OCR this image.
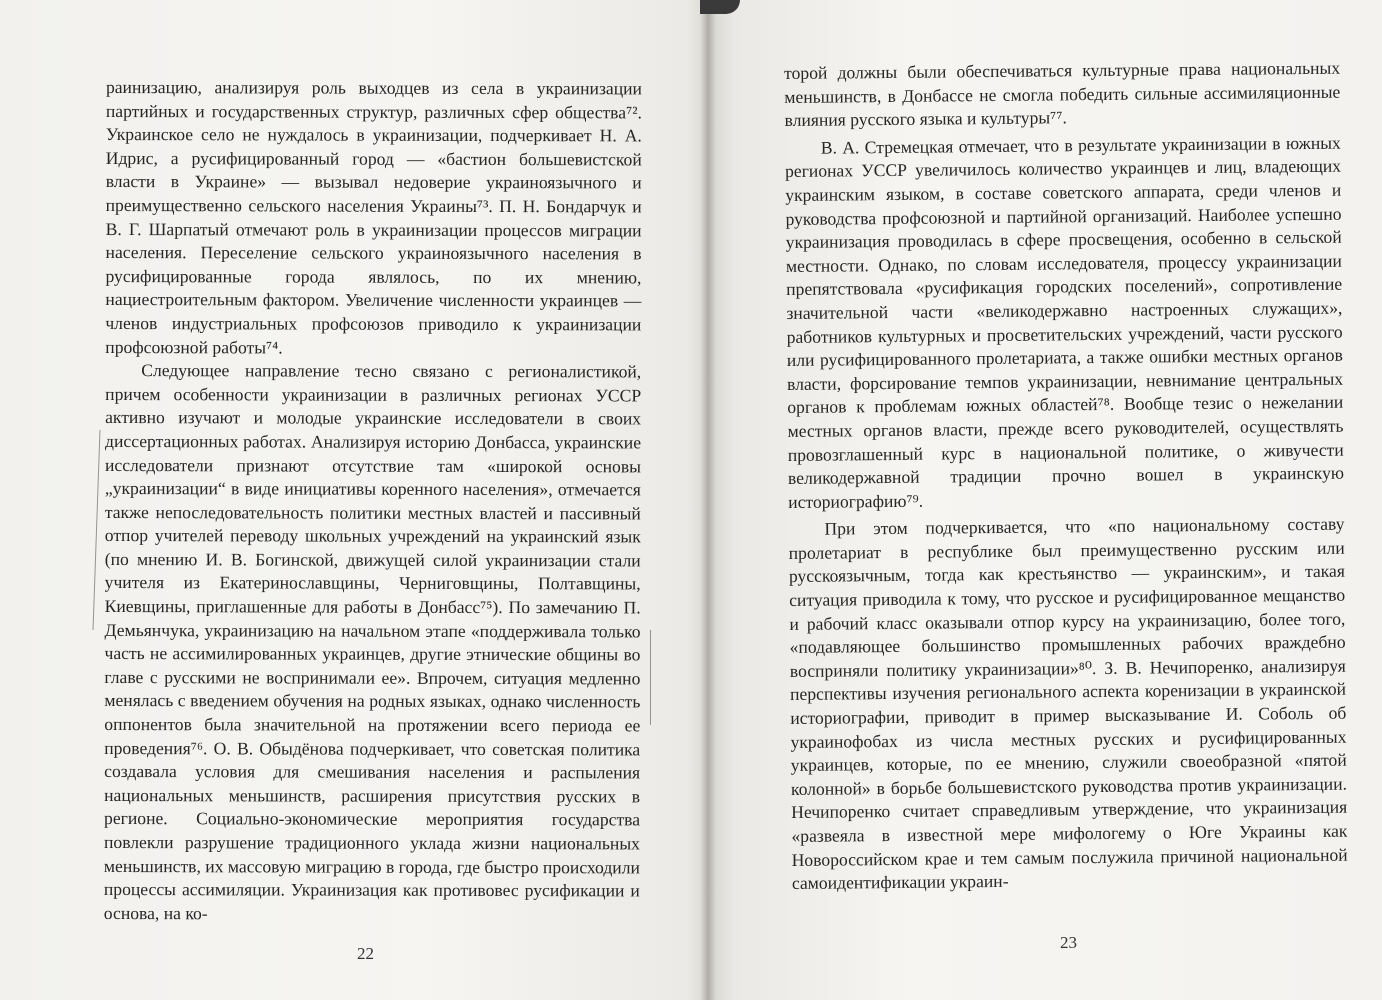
раинизацию, анализируя роль выходцев из села в украинизации партийных и государственных структур, различных сфер общества⁷². Украинское село не нуждалось в украинизации, подчеркивает Н. А. Идрис, а русифицированный город — «бастион большевистской власти в Украине» — вызывал недоверие украиноязычного и преимущественно сельского населения Украины⁷³. П. Н. Бондарчук и В. Г. Шарпатый отмечают роль в украинизации процессов миграции населения. Переселение сельского украиноязычного населения в русифицированные города являлось, по их мнению, нациестроительным фактором. Увеличение численности украинцев — членов индустриальных профсоюзов приводило к украинизации профсоюзной работы⁷⁴.

Следующее направление тесно связано с регионалистикой, причем особенности украинизации в различных регионах УССР активно изучают и молодые украинские исследователи в своих диссертационных работах. Анализируя историю Донбасса, украинские исследователи признают отсутствие там «широкой основы „украинизации“ в виде инициативы коренного населения», отмечается также непоследовательность политики местных властей и пассивный отпор учителей переводу школьных учреждений на украинский язык (по мнению И. В. Богинской, движущей силой украинизации стали учителя из Екатеринославщины, Черниговщины, Полтавщины, Киевщины, приглашенные для работы в Донбасс⁷⁵). По замечанию П. Демьянчука, украинизацию на начальном этапе «поддерживала только часть не ассимилированных украинцев, другие этнические общины во главе с русскими не воспринимали ее». Впрочем, ситуация медленно менялась с введением обучения на родных языках, однако численность оппонентов была значительной на протяжении всего периода ее проведения⁷⁶. О. В. Обыдёнова подчеркивает, что советская политика создавала условия для смешивания населения и распыления национальных меньшинств, расширения присутствия русских в регионе. Социально-экономические мероприятия государства повлекли разрушение традиционного уклада жизни национальных меньшинств, их массовую миграцию в города, где быстро происходили процессы ассимиляции. Украинизация как противовес русификации и основа, на ко-

22

торой должны были обеспечиваться культурные права национальных меньшинств, в Донбассе не смогла победить сильные ассимиляционные влияния русского языка и культуры⁷⁷.

В. А. Стремецкая отмечает, что в результате украинизации в южных регионах УССР увеличилось количество украинцев и лиц, владеющих украинским языком, в составе советского аппарата, среди членов и руководства профсоюзной и партийной организаций. Наиболее успешно украинизация проводилась в сфере просвещения, особенно в сельской местности. Однако, по словам исследователя, процессу украинизации препятствовала «русификация городских поселений», сопротивление значительной части «великодержавно настроенных служащих», работников культурных и просветительских учреждений, части русского или русифицированного пролетариата, а также ошибки местных органов власти, форсирование темпов украинизации, невнимание центральных органов к проблемам южных областей⁷⁸. Вообще тезис о нежелании местных органов власти, прежде всего руководителей, осуществлять провозглашенный курс в национальной политике, о живучести великодержавной традиции прочно вошел в украинскую историографию⁷⁹.

При этом подчеркивается, что «по национальному составу пролетариат в республике был преимущественно русским или русскоязычным, тогда как крестьянство — украинским», и такая ситуация приводила к тому, что русское и русифицированное мещанство и рабочий класс оказывали отпор курсу на украинизацию, более того, «подавляющее большинство промышленных рабочих враждебно восприняли политику украинизации»⁸⁰. З. В. Нечипоренко, анализируя перспективы изучения регионального аспекта коренизации в украинской историографии, приводит в пример высказывание И. Соболь об украинофобах из числа местных русских и русифицированных украинцев, которые, по ее мнению, служили своеобразной «пятой колонной» в борьбе большевистского руководства против украинизации. Нечипоренко считает справедливым утверждение, что украинизация «развеяла в известной мере мифологему о Юге Украины как Новороссийском крае и тем самым послужила причиной национальной самоидентификации украин-

23
